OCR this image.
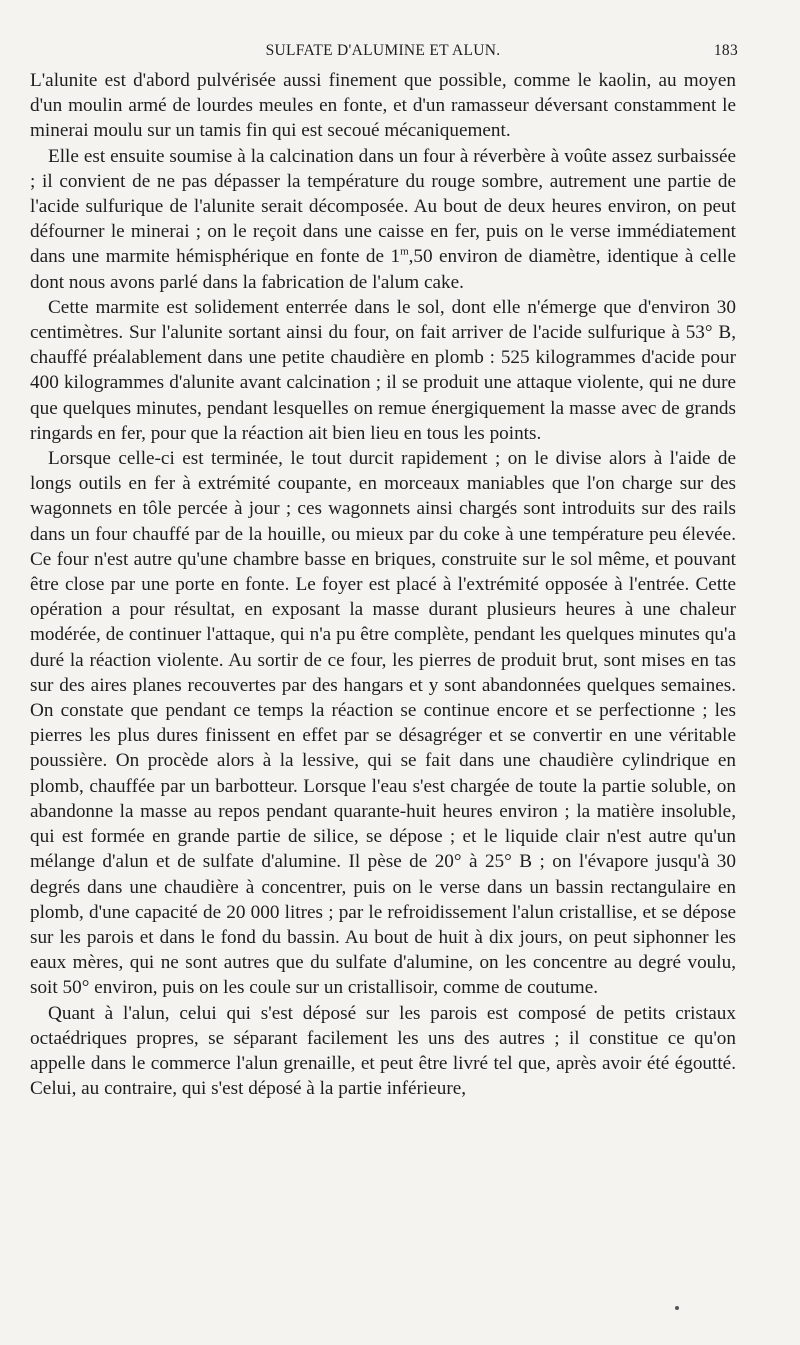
SULFATE D'ALUMINE ET ALUN.	183

L'alunite est d'abord pulvérisée aussi finement que possible, comme le kaolin, au moyen d'un moulin armé de lourdes meules en fonte, et d'un ramasseur déversant constamment le minerai moulu sur un tamis fin qui est secoué mécaniquement.

Elle est ensuite soumise à la calcination dans un four à réverbère à voûte assez surbaissée ; il convient de ne pas dépasser la température du rouge sombre, autrement une partie de l'acide sulfurique de l'alunite serait décomposée. Au bout de deux heures environ, on peut défourner le minerai ; on le reçoit dans une caisse en fer, puis on le verse immédiatement dans une marmite hémisphérique en fonte de 1$^m$,50 environ de diamètre, identique à celle dont nous avons parlé dans la fabrication de l'alum cake.

Cette marmite est solidement enterrée dans le sol, dont elle n'émerge que d'environ 30 centimètres. Sur l'alunite sortant ainsi du four, on fait arriver de l'acide sulfurique à 53° B, chauffé préalablement dans une petite chaudière en plomb : 525 kilogrammes d'acide pour 400 kilogrammes d'alunite avant calcination ; il se produit une attaque violente, qui ne dure que quelques minutes, pendant lesquelles on remue énergiquement la masse avec de grands ringards en fer, pour que la réaction ait bien lieu en tous les points.

Lorsque celle-ci est terminée, le tout durcit rapidement ; on le divise alors à l'aide de longs outils en fer à extrémité coupante, en morceaux maniables que l'on charge sur des wagonnets en tôle percée à jour ; ces wagonnets ainsi chargés sont introduits sur des rails dans un four chauffé par de la houille, ou mieux par du coke à une température peu élevée. Ce four n'est autre qu'une chambre basse en briques, construite sur le sol même, et pouvant être close par une porte en fonte. Le foyer est placé à l'extrémité opposée à l'entrée. Cette opération a pour résultat, en exposant la masse durant plusieurs heures à une chaleur modérée, de continuer l'attaque, qui n'a pu être complète, pendant les quelques minutes qu'a duré la réaction violente. Au sortir de ce four, les pierres de produit brut, sont mises en tas sur des aires planes recouvertes par des hangars et y sont abandonnées quelques semaines. On constate que pendant ce temps la réaction se continue encore et se perfectionne ; les pierres les plus dures finissent en effet par se désagréger et se convertir en une véritable poussière. On procède alors à la lessive, qui se fait dans une chaudière cylindrique en plomb, chauffée par un barbotteur. Lorsque l'eau s'est chargée de toute la partie soluble, on abandonne la masse au repos pendant quarante-huit heures environ ; la matière insoluble, qui est formée en grande partie de silice, se dépose ; et le liquide clair n'est autre qu'un mélange d'alun et de sulfate d'alumine. Il pèse de 20° à 25° B ; on l'évapore jusqu'à 30 degrés dans une chaudière à concentrer, puis on le verse dans un bassin rectangulaire en plomb, d'une capacité de 20 000 litres ; par le refroidissement l'alun cristallise, et se dépose sur les parois et dans le fond du bassin. Au bout de huit à dix jours, on peut siphonner les eaux mères, qui ne sont autres que du sulfate d'alumine, on les concentre au degré voulu, soit 50° environ, puis on les coule sur un cristallisoir, comme de coutume.

Quant à l'alun, celui qui s'est déposé sur les parois est composé de petits cristaux octaédriques propres, se séparant facilement les uns des autres ; il constitue ce qu'on appelle dans le commerce l'alun grenaille, et peut être livré tel que, après avoir été égoutté. Celui, au contraire, qui s'est déposé à la partie inférieure,
